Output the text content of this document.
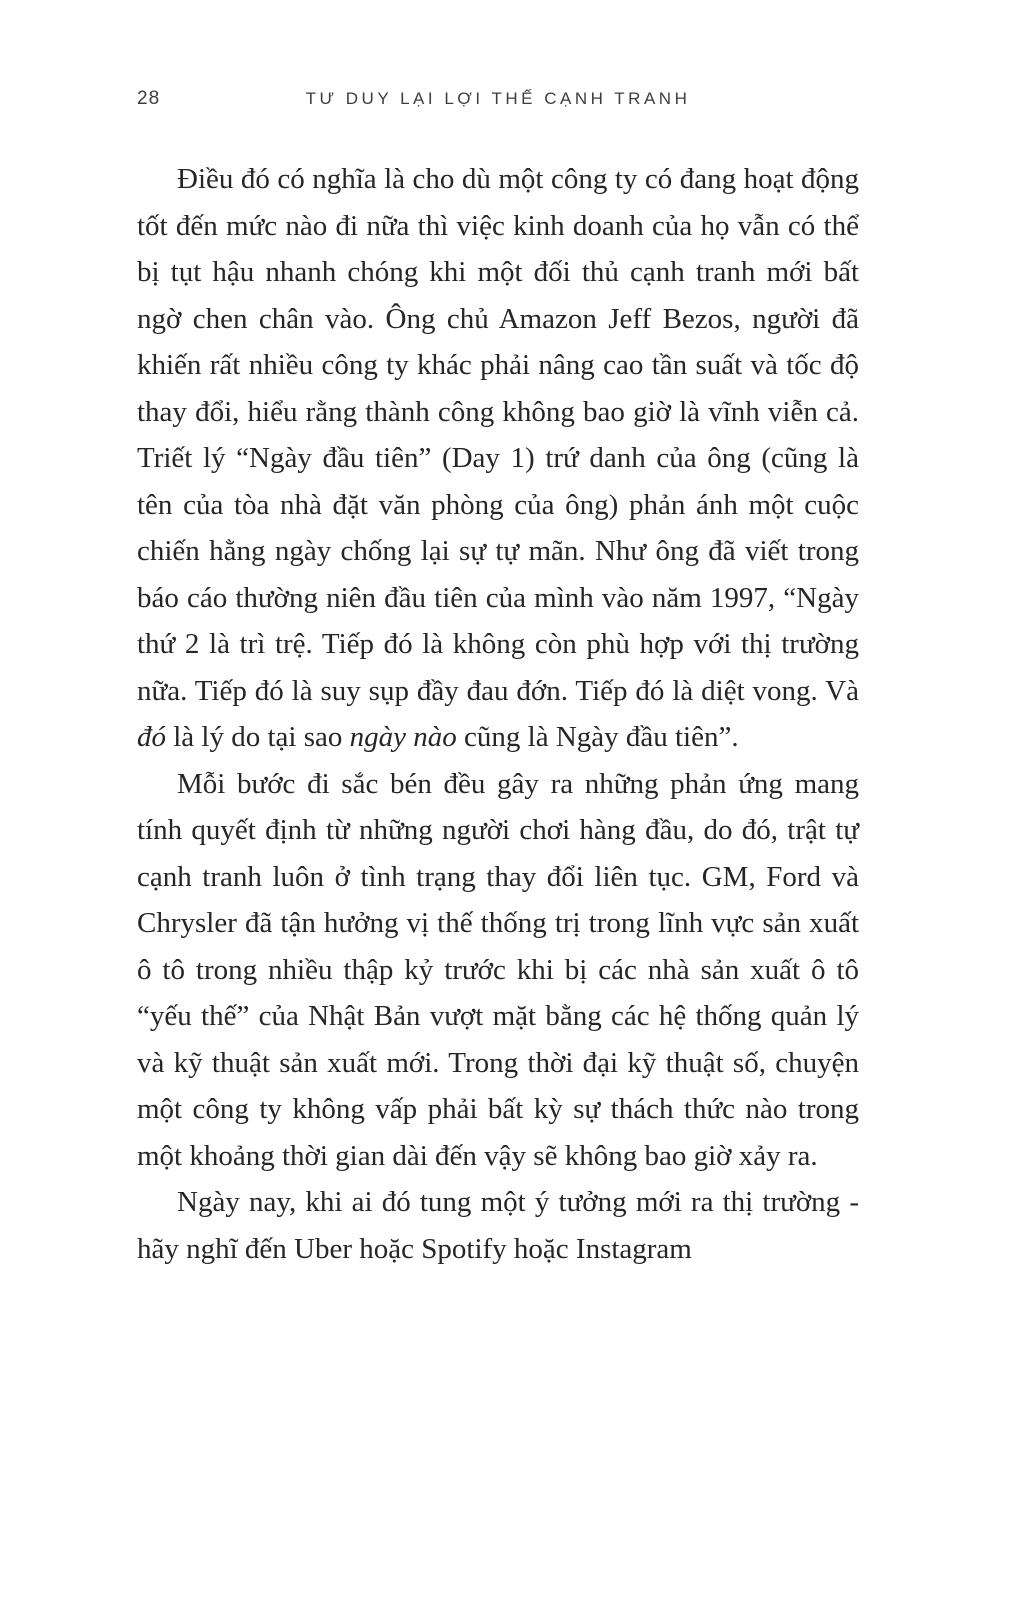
28	TƯ DUY LẠI LỢI THẾ CẠNH TRANH

Điều đó có nghĩa là cho dù một công ty có đang hoạt động tốt đến mức nào đi nữa thì việc kinh doanh của họ vẫn có thể bị tụt hậu nhanh chóng khi một đối thủ cạnh tranh mới bất ngờ chen chân vào. Ông chủ Amazon Jeff Bezos, người đã khiến rất nhiều công ty khác phải nâng cao tần suất và tốc độ thay đổi, hiểu rằng thành công không bao giờ là vĩnh viễn cả. Triết lý “Ngày đầu tiên” (Day 1) trứ danh của ông (cũng là tên của tòa nhà đặt văn phòng của ông) phản ánh một cuộc chiến hằng ngày chống lại sự tự mãn. Như ông đã viết trong báo cáo thường niên đầu tiên của mình vào năm 1997, “Ngày thứ 2 là trì trệ. Tiếp đó là không còn phù hợp với thị trường nữa. Tiếp đó là suy sụp đầy đau đớn. Tiếp đó là diệt vong. Và đó là lý do tại sao ngày nào cũng là Ngày đầu tiên”.

Mỗi bước đi sắc bén đều gây ra những phản ứng mang tính quyết định từ những người chơi hàng đầu, do đó, trật tự cạnh tranh luôn ở tình trạng thay đổi liên tục. GM, Ford và Chrysler đã tận hưởng vị thế thống trị trong lĩnh vực sản xuất ô tô trong nhiều thập kỷ trước khi bị các nhà sản xuất ô tô “yếu thế” của Nhật Bản vượt mặt bằng các hệ thống quản lý và kỹ thuật sản xuất mới. Trong thời đại kỹ thuật số, chuyện một công ty không vấp phải bất kỳ sự thách thức nào trong một khoảng thời gian dài đến vậy sẽ không bao giờ xảy ra.

Ngày nay, khi ai đó tung một ý tưởng mới ra thị trường - hãy nghĩ đến Uber hoặc Spotify hoặc Instagram
